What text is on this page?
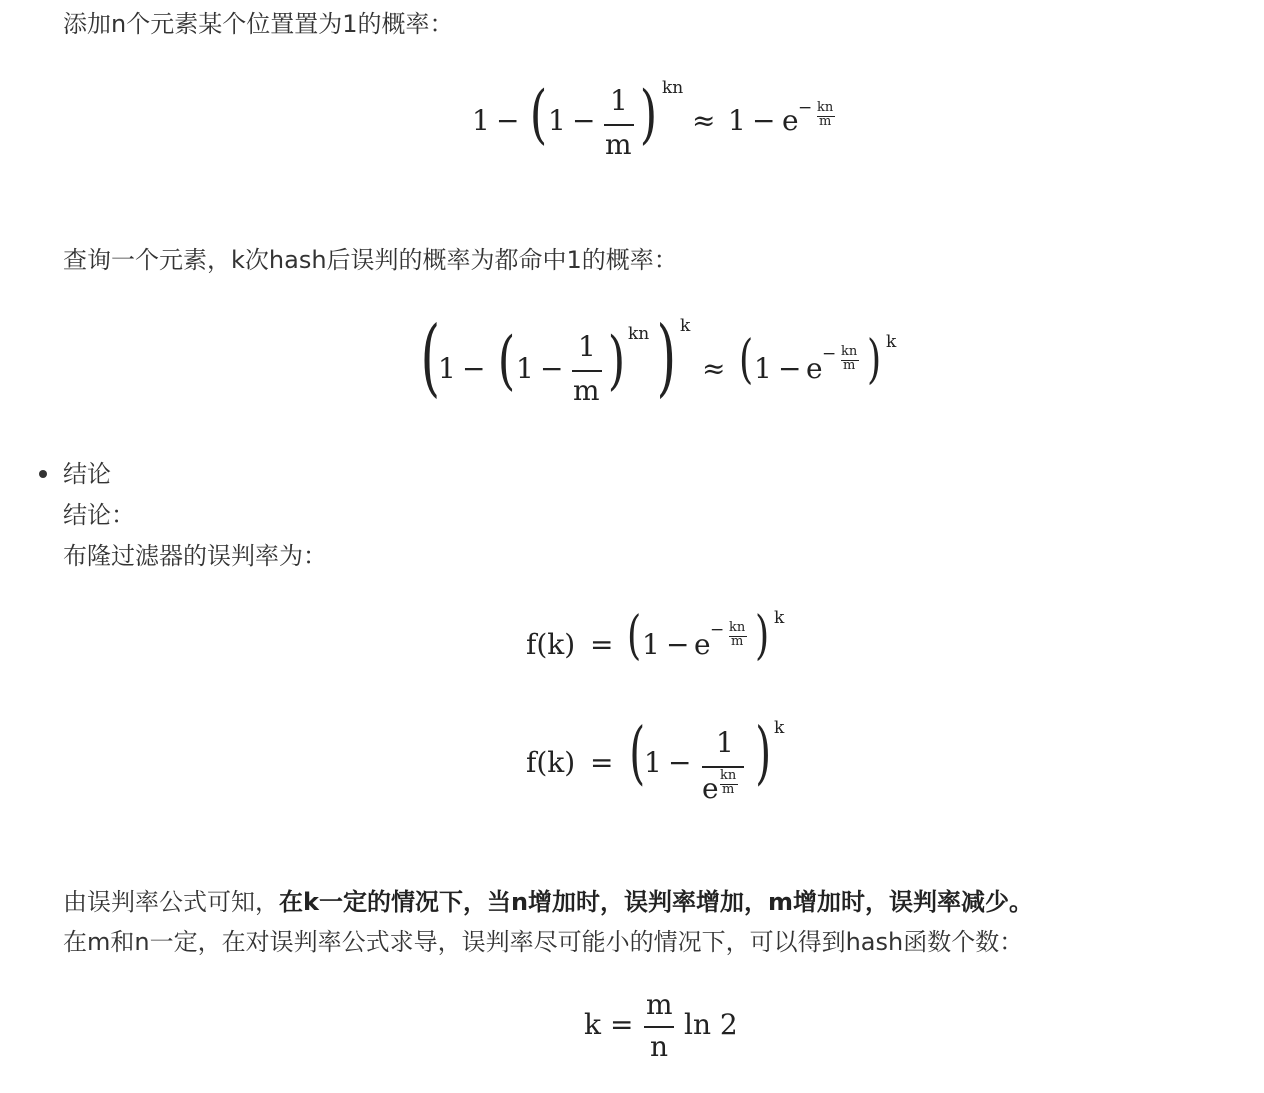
添加n个元素某个位置置为1的概率：
查询一个元素，k次hash后误判的概率为都命中1的概率：
结论
结论：
布隆过滤器的误判率为：
由误判率公式可知，在k一定的情况下，当n增加时，误判率增加，m增加时，误判率减少。
在m和n一定，在对误判率公式求导，误判率尽可能小的情况下，可以得到hash函数个数：
1 − ( 1 −
1
m ) kn
≈ 1 − e − kn
m
(
1 − ( 1 −
1
m ) kn ) k
≈ ( 1 − e − kn
m ) k
f(k) = ( 1 − e − kn
m ) k
f(k) = (
1 −
1
e kn
m ) k
k =
m
n
ln 2
